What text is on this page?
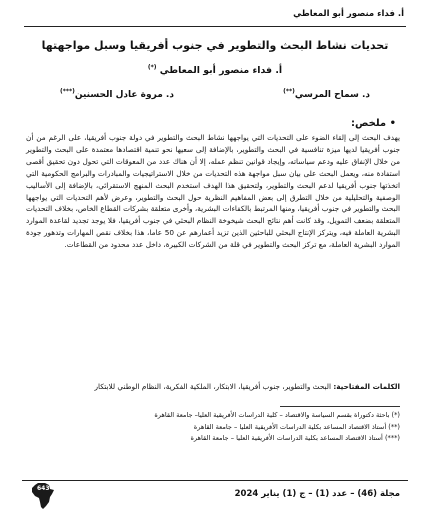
أ. فداء منصور أبو المعاطي
تحديات نشاط البحث والتطوير في جنوب أفريقيا وسبل مواجهتها
أ. فداء منصور أبو المعاطي (*)
د. سماح المرسي(**)
د. مروة عادل الحسنين(***)
• ملخص:

يهدف البحث إلى إلقاء الضوء على التحديات التي يواجهها نشاط البحث والتطوير في دولة جنوب أفريقيا، على الرغم من أن جنوب أفريقيا لديها ميزة تنافسية في البحث والتطوير، بالإضافة إلى سعيها نحو تنمية اقتصادها معتمدة على البحث والتطوير من خلال الإنفاق عليه ودعم سياساته، وإيجاد قوانين تنظم عمله، إلا أن هناك عدد من المعوقات التي تحول دون تحقيق أقصى استفادة منه، ويعمل البحث على بيان سبل مواجهة هذه التحديات من خلال الاستراتيجيات والمبادرات والبرامج الحكومية التي اتخذتها جنوب أفريقيا لدعم البحث والتطوير، ولتحقيق هذا الهدف استخدم البحث المنهج الاستقرائي، بالإضافة إلى الأساليب الوصفية والتحليلية من خلال التطرق إلى بعض المفاهيم النظرية حول البحث والتطوير، وعرض لأهم التحديات التي يواجهها البحث والتطوير في جنوب أفريقيا، ومنها المرتبط بالكفاءات البشرية، وأخرى متعلقة بشركات القطاع الخاص، بخلاف التحديات المتعلقة بضعف التمويل، وقد كانت أهم نتائج البحث شيخوخة النظام البحثي في جنوب أفريقيا، فلا يوجد تجديد لقاعدة الموارد البشرية العاملة فيه، ويتركز الإنتاج البحثي للباحثين الذين تزيد أعمارهم عن 50 عاما، هذا بخلاف نقص المهارات وتدهور جودة الموارد البشرية العاملة، مع تركز البحث والتطوير في قلة من الشركات الكبيرة، داخل عدد محدود من القطاعات.

الكلمات المفتاحية: البحث والتطوير، جنوب أفريقيا، الابتكار، الملكية الفكرية، النظام الوطني للابتكار

(*) باحثة دكتوراة بقسم السياسة والاقتصاد – كلية الدراسات الأفريقية العليا– جامعة القاهرة
(**) أستاذ الاقتصاد المساعد بكلية الدراسات الأفريقية العليا – جامعة القاهرة
(***) أستاذ الاقتصاد المساعد بكلية الدراسات الأفريقية العليا – جامعة القاهرة
مجلة (46) – عدد (1) – ج (1) يناير 2024
643
